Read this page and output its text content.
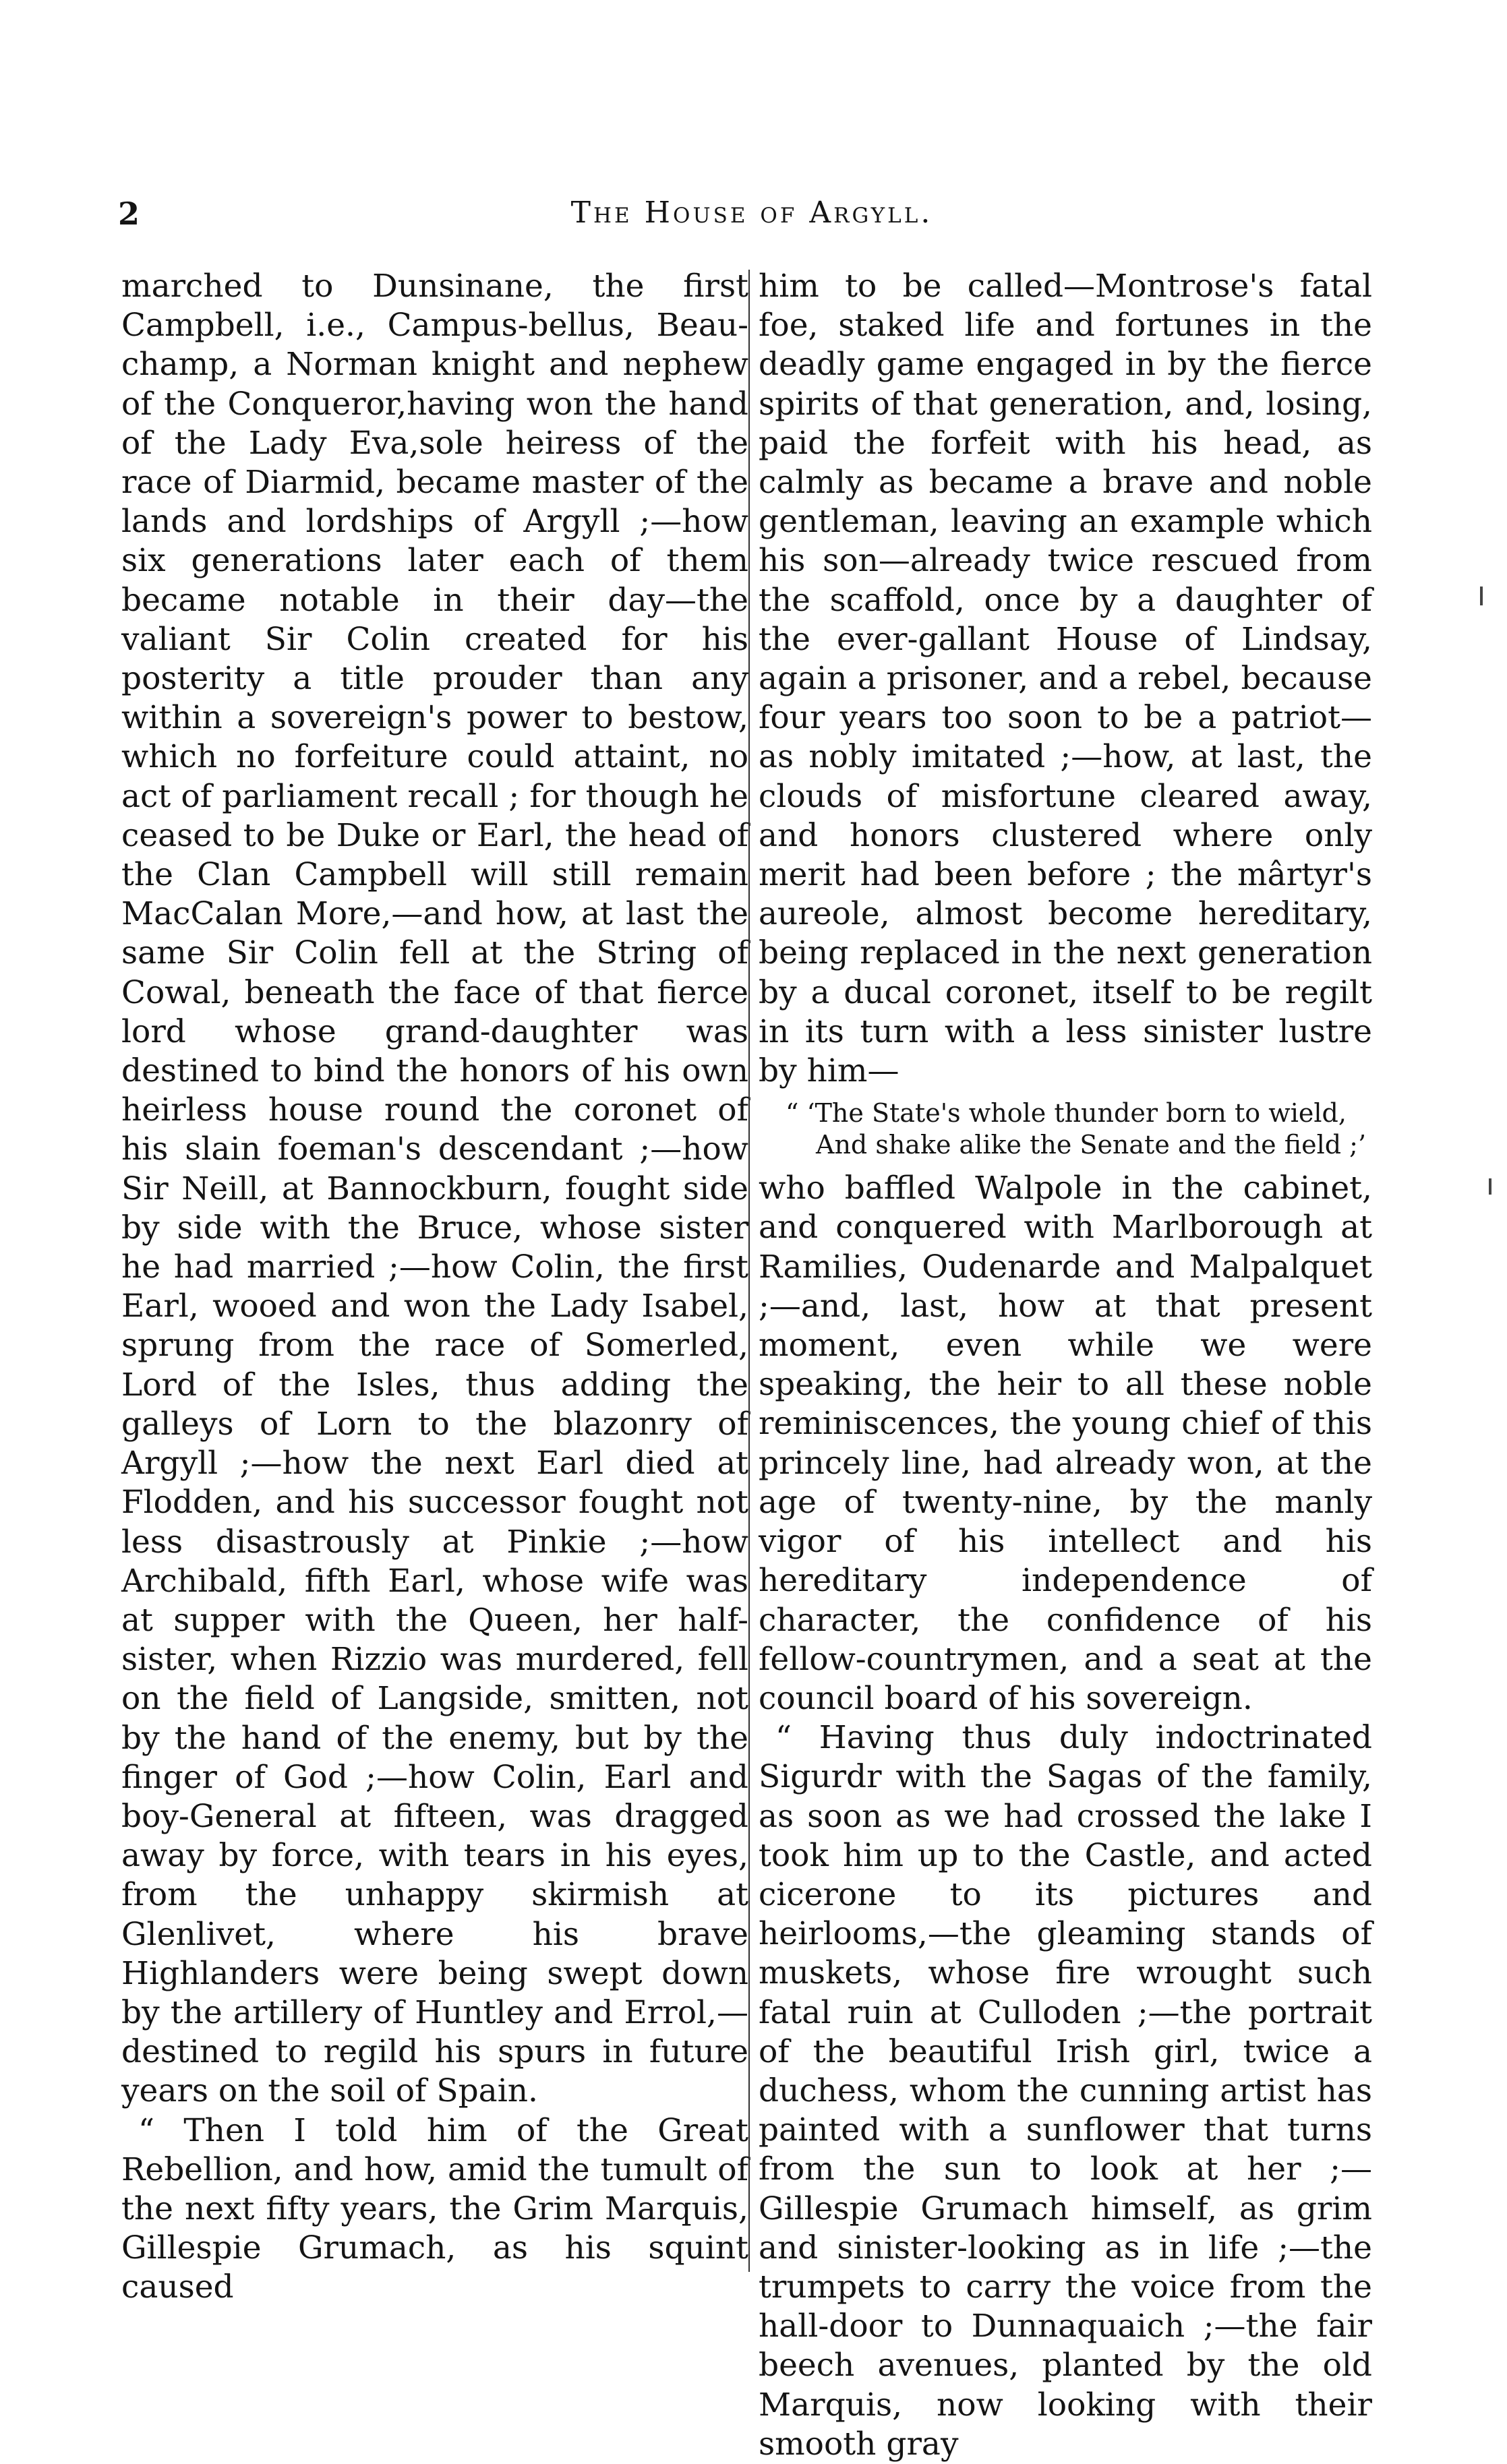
2	The House of Argyll.

marched to Dunsinane, the first Campbell, i.e., Campus-bellus, Beau-champ, a Norman knight and nephew of the Conqueror,having won the hand of the Lady Eva,sole heiress of the race of Diarmid, became master of the lands and lordships of Argyll ;—how six generations later each of them became notable in their day—the valiant Sir Colin created for his posterity a title prouder than any within a sovereign's power to bestow, which no forfeiture could attaint, no act of parliament recall ; for though he ceased to be Duke or Earl, the head of the Clan Campbell will still remain MacCalan More,—and how, at last the same Sir Colin fell at the String of Cowal, beneath the face of that fierce lord whose grand-daughter was destined to bind the honors of his own heirless house round the coronet of his slain foeman's descendant ;—how Sir Neill, at Bannockburn, fought side by side with the Bruce, whose sister he had married ;—how Colin, the first Earl, wooed and won the Lady Isabel, sprung from the race of Somerled, Lord of the Isles, thus adding the galleys of Lorn to the blazonry of Argyll ;—how the next Earl died at Flodden, and his successor fought not less disastrously at Pinkie ;—how Archibald, fifth Earl, whose wife was at supper with the Queen, her half-sister, when Rizzio was murdered, fell on the field of Langside, smitten, not by the hand of the enemy, but by the finger of God ;—how Colin, Earl and boy-General at fifteen, was dragged away by force, with tears in his eyes, from the unhappy skirmish at Glenlivet, where his brave Highlanders were being swept down by the artillery of Huntley and Errol,—destined to regild his spurs in future years on the soil of Spain.

“ Then I told him of the Great Rebellion, and how, amid the tumult of the next fifty years, the Grim Marquis, Gillespie Grumach, as his squint caused

him to be called—Montrose's fatal foe, staked life and fortunes in the deadly game engaged in by the fierce spirits of that generation, and, losing, paid the forfeit with his head, as calmly as became a brave and noble gentleman, leaving an example which his son—already twice rescued from the scaffold, once by a daughter of the ever-gallant House of Lindsay, again a prisoner, and a rebel, because four years too soon to be a patriot—as nobly imitated ;—how, at last, the clouds of misfortune cleared away, and honors clustered where only merit had been before ; the mârtyr's aureole, almost become hereditary, being replaced in the next generation by a ducal coronet, itself to be regilt in its turn with a less sinister lustre by him—

“ ‘The State's whole thunder born to wield,
And shake alike the Senate and the field ;’

who baffled Walpole in the cabinet, and conquered with Marlborough at Ramilies, Oudenarde and Malpalquet ;—and, last, how at that present moment, even while we were speaking, the heir to all these noble reminiscences, the young chief of this princely line, had already won, at the age of twenty-nine, by the manly vigor of his intellect and his hereditary independence of character, the confidence of his fellow-countrymen, and a seat at the council board of his sovereign.

“ Having thus duly indoctrinated Sigurdr with the Sagas of the family, as soon as we had crossed the lake I took him up to the Castle, and acted cicerone to its pictures and heirlooms,—the gleaming stands of muskets, whose fire wrought such fatal ruin at Culloden ;—the portrait of the beautiful Irish girl, twice a duchess, whom the cunning artist has painted with a sunflower that turns from the sun to look at her ;—Gillespie Grumach himself, as grim and sinister-looking as in life ;—the trumpets to carry the voice from the hall-door to Dunnaquaich ;—the fair beech avenues, planted by the old Marquis, now looking with their smooth gray
